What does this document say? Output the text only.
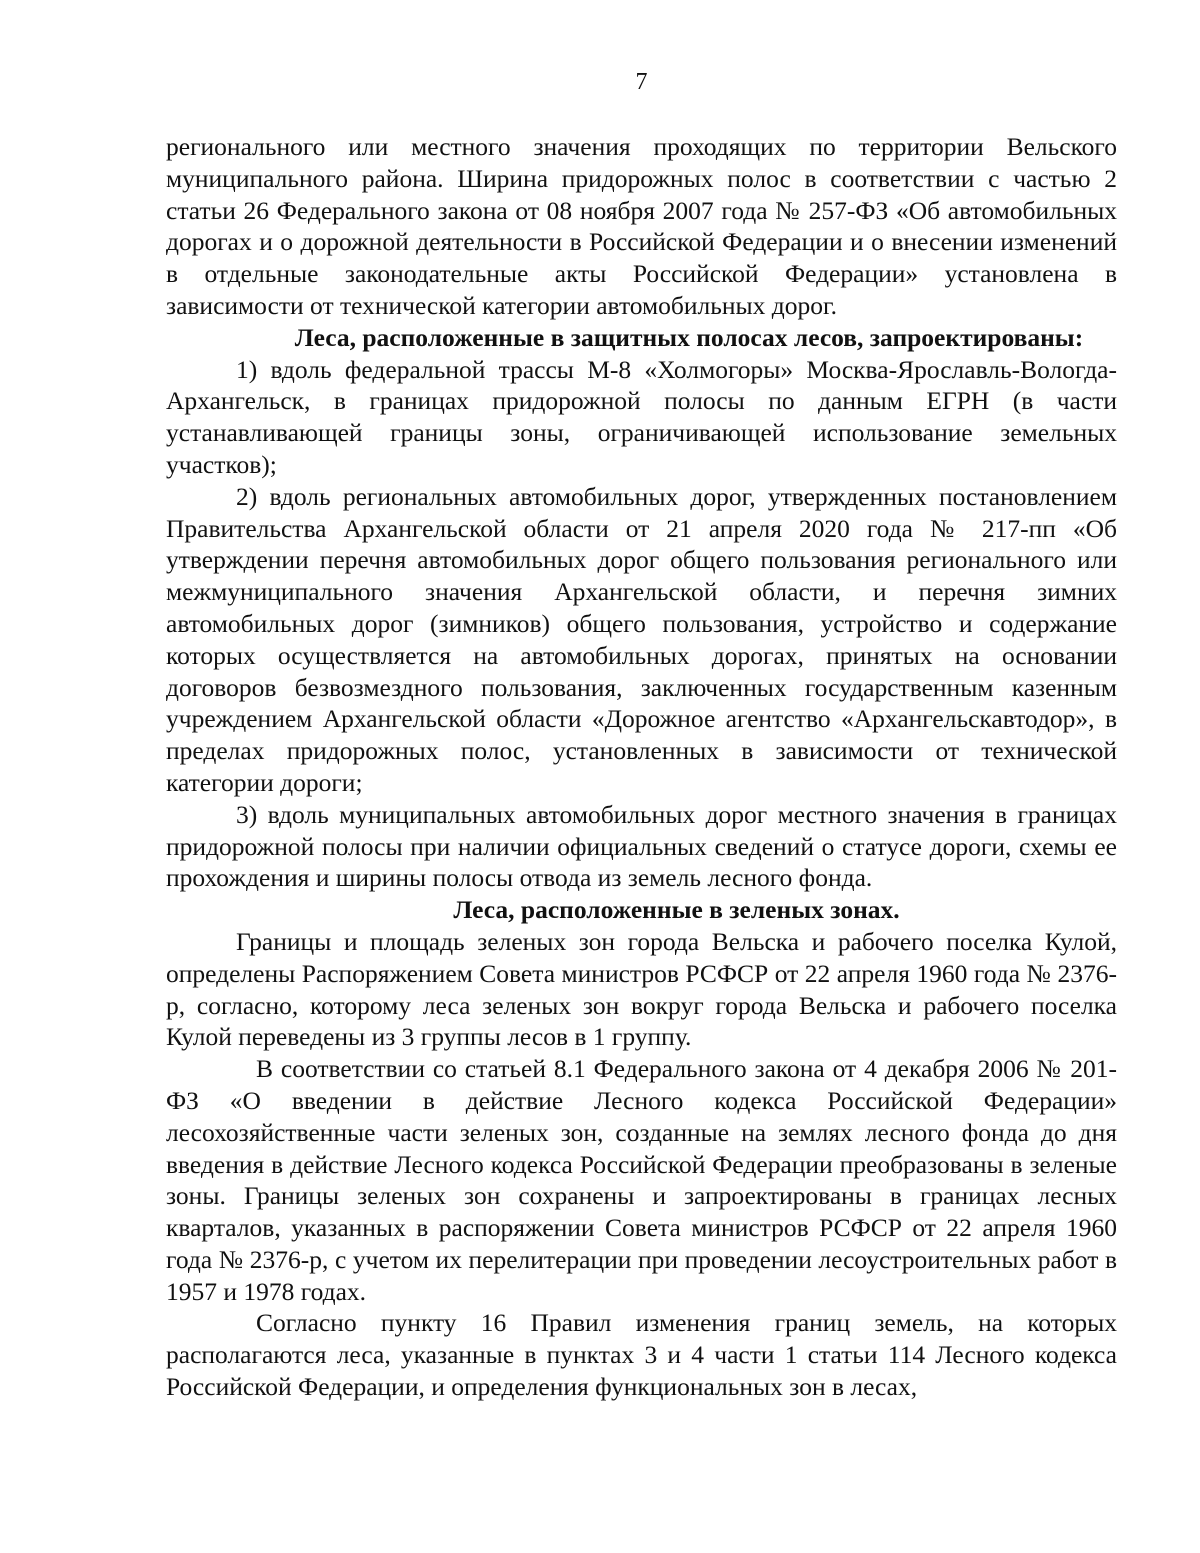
7

регионального или местного значения проходящих по территории Вельского муниципального района. Ширина придорожных полос в соответствии с частью 2 статьи 26 Федерального закона от 08 ноября 2007 года № 257-ФЗ «Об автомобильных дорогах и о дорожной деятельности в Российской Федерации и о внесении изменений в отдельные законодательные акты Российской Федерации» установлена в зависимости от технической категории автомобильных дорог.

Леса, расположенные в защитных полосах лесов, запроектированы:

1) вдоль федеральной трассы М-8 «Холмогоры» Москва-Ярославль-Вологда-Архангельск, в границах придорожной полосы по данным ЕГРН (в части устанавливающей границы зоны, ограничивающей использование земельных участков);

2) вдоль региональных автомобильных дорог, утвержденных постановлением Правительства Архангельской области от 21 апреля 2020 года № 217-пп «Об утверждении перечня автомобильных дорог общего пользования регионального или межмуниципального значения Архангельской области, и перечня зимних автомобильных дорог (зимников) общего пользования, устройство и содержание которых осуществляется на автомобильных дорогах, принятых на основании договоров безвозмездного пользования, заключенных государственным казенным учреждением Архангельской области «Дорожное агентство «Архангельскавтодор», в пределах придорожных полос, установленных в зависимости от технической категории дороги;

3) вдоль муниципальных автомобильных дорог местного значения в границах придорожной полосы при наличии официальных сведений о статусе дороги, схемы ее прохождения и ширины полосы отвода из земель лесного фонда.

Леса, расположенные в зеленых зонах.

Границы и площадь зеленых зон города Вельска и рабочего поселка Кулой, определены Распоряжением Совета министров РСФСР от 22 апреля 1960 года № 2376-р, согласно, которому леса зеленых зон вокруг города Вельска и рабочего поселка Кулой переведены из 3 группы лесов в 1 группу.

В соответствии со статьей 8.1 Федерального закона от 4 декабря 2006 № 201-ФЗ «О введении в действие Лесного кодекса Российской Федерации» лесохозяйственные части зеленых зон, созданные на землях лесного фонда до дня введения в действие Лесного кодекса Российской Федерации преобразованы в зеленые зоны. Границы зеленых зон сохранены и запроектированы в границах лесных кварталов, указанных в распоряжении Совета министров РСФСР от 22 апреля 1960 года № 2376-р, с учетом их перелитерации при проведении лесоустроительных работ в 1957 и 1978 годах.

Согласно пункту 16 Правил изменения границ земель, на которых располагаются леса, указанные в пунктах 3 и 4 части 1 статьи 114 Лесного кодекса Российской Федерации, и определения функциональных зон в лесах,
